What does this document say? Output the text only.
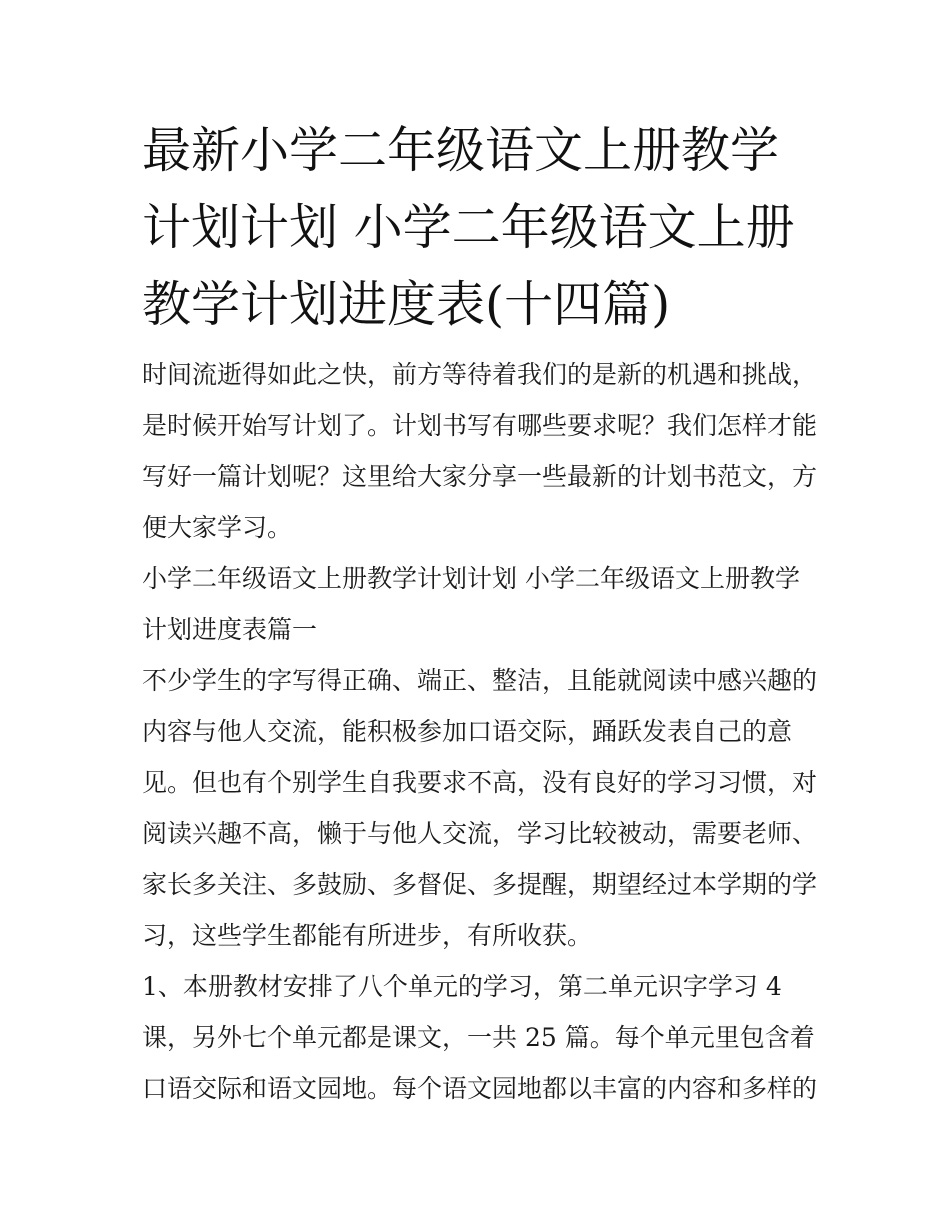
最新小学二年级语文上册教学
计划计划 小学二年级语文上册
教学计划进度表(十四篇)

时间流逝得如此之快，前方等待着我们的是新的机遇和挑战，
是时候开始写计划了。计划书写有哪些要求呢？我们怎样才能
写好一篇计划呢？这里给大家分享一些最新的计划书范文，方
便大家学习。

小学二年级语文上册教学计划计划 小学二年级语文上册教学
计划进度表篇一

不少学生的字写得正确、端正、整洁，且能就阅读中感兴趣的
内容与他人交流，能积极参加口语交际，踊跃发表自己的意
见。但也有个别学生自我要求不高，没有良好的学习习惯，对
阅读兴趣不高，懒于与他人交流，学习比较被动，需要老师、
家长多关注、多鼓励、多督促、多提醒，期望经过本学期的学
习，这些学生都能有所进步，有所收获。

1、本册教材安排了八个单元的学习，第二单元识字学习 4
课，另外七个单元都是课文，一共 25 篇。每个单元里包含着
口语交际和语文园地。每个语文园地都以丰富的内容和多样的
